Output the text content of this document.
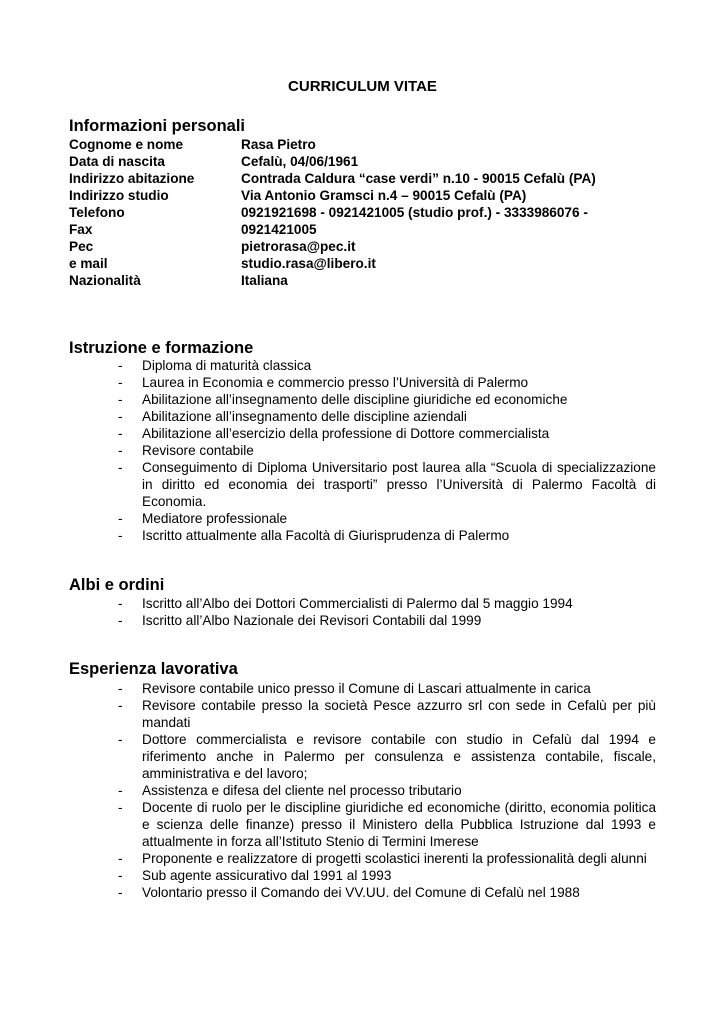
CURRICULUM VITAE
Informazioni personali
Cognome e nome	Rasa Pietro
Data di nascita	Cefalù, 04/06/1961
Indirizzo abitazione	Contrada Caldura “case verdi” n.10 - 90015 Cefalù (PA)
Indirizzo studio	Via Antonio Gramsci n.4 – 90015 Cefalù (PA)
Telefono	0921921698 - 0921421005 (studio prof.) - 3333986076 -
Fax	0921421005
Pec	pietrorasa@pec.it
e mail	studio.rasa@libero.it
Nazionalità	Italiana
Istruzione e formazione
- Diploma di maturità classica
- Laurea in Economia e commercio presso l’Università di Palermo
- Abilitazione all’insegnamento delle discipline giuridiche ed economiche
- Abilitazione all’insegnamento delle discipline aziendali
- Abilitazione all’esercizio della professione di Dottore commercialista
- Revisore contabile
- Conseguimento di Diploma Universitario post laurea alla “Scuola di specializzazione in diritto ed economia dei trasporti” presso l’Università di Palermo Facoltà di Economia.
- Mediatore professionale
- Iscritto attualmente alla Facoltà di Giurisprudenza di Palermo
Albi e ordini
- Iscritto all’Albo dei Dottori Commercialisti di Palermo dal 5 maggio 1994
- Iscritto all’Albo Nazionale dei Revisori Contabili dal 1999
Esperienza lavorativa
- Revisore contabile unico presso il Comune di Lascari attualmente in carica
- Revisore contabile presso la società Pesce azzurro srl con sede in Cefalù per più mandati
- Dottore commercialista e revisore contabile con studio in Cefalù dal 1994 e riferimento anche in Palermo per consulenza e assistenza contabile, fiscale, amministrativa e del lavoro;
- Assistenza e difesa del cliente nel processo tributario
- Docente di ruolo per le discipline giuridiche ed economiche (diritto, economia politica e scienza delle finanze) presso il Ministero della Pubblica Istruzione dal 1993 e attualmente in forza all’Istituto Stenio di Termini Imerese
- Proponente e realizzatore di progetti scolastici inerenti la professionalità degli alunni
- Sub agente assicurativo dal 1991 al 1993
- Volontario presso il Comando dei VV.UU. del Comune di Cefalù nel 1988
